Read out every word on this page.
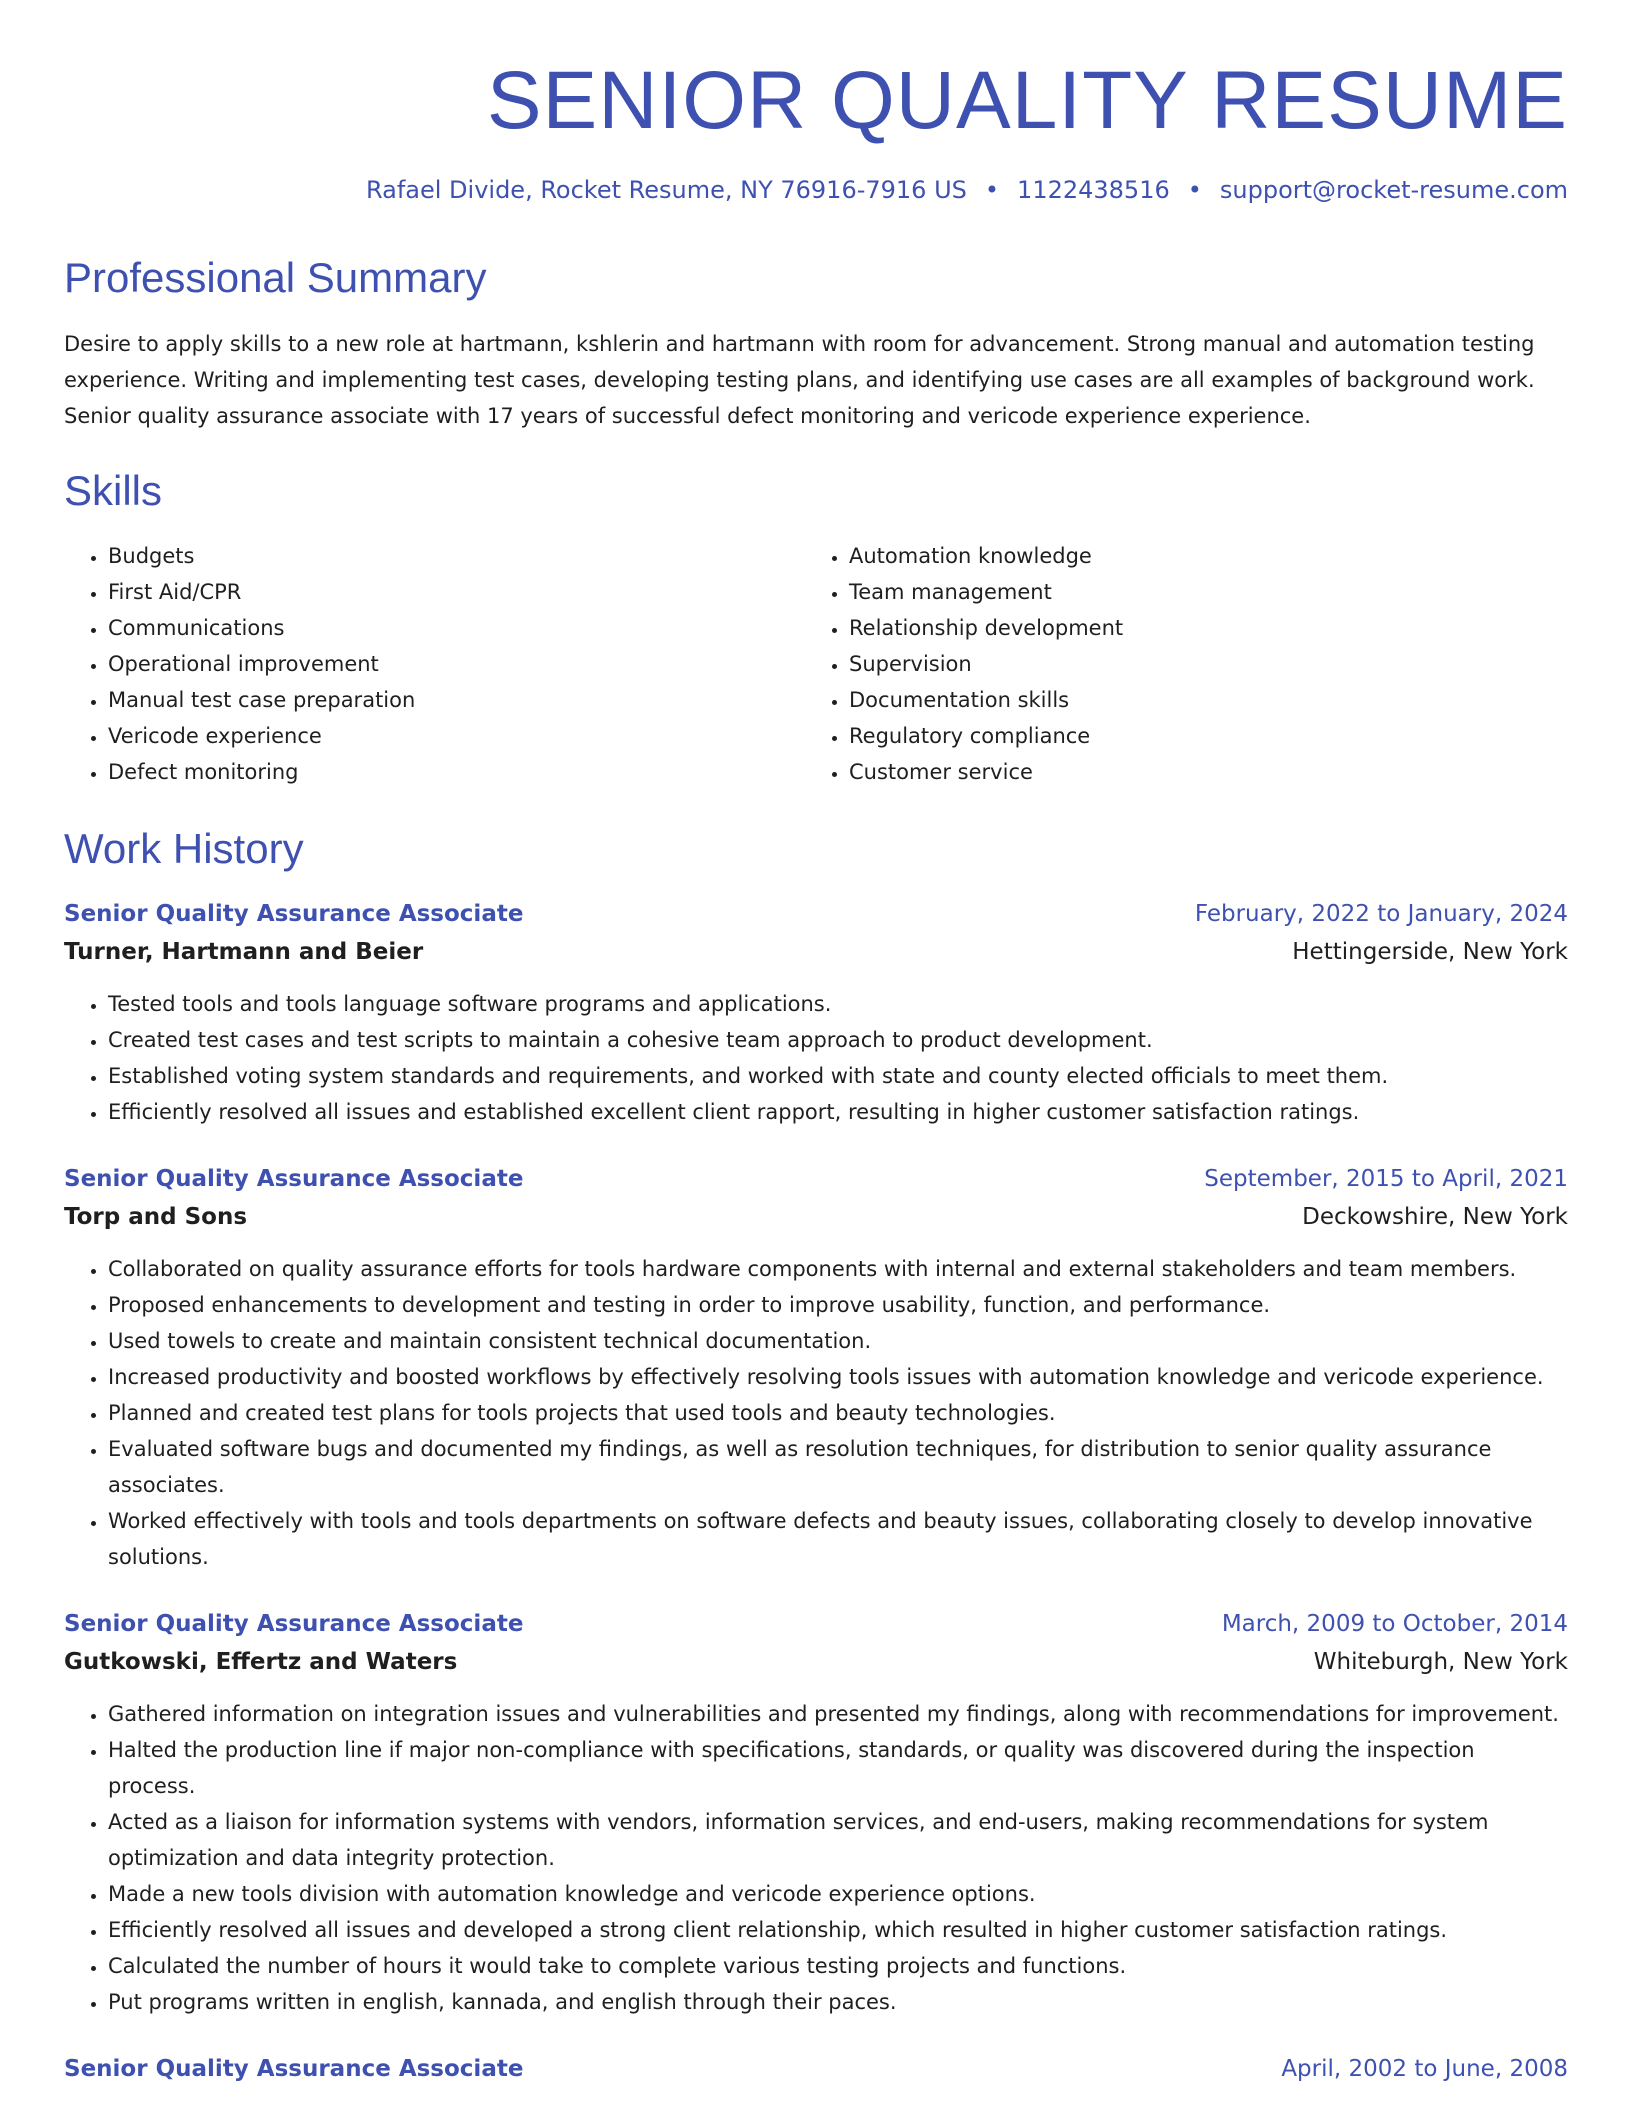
SENIOR QUALITY RESUME
Rafael Divide, Rocket Resume, NY 76916-7916 US • 1122438516 • support@rocket-resume.com
Professional Summary

Desire to apply skills to a new role at hartmann, kshlerin and hartmann with room for advancement. Strong manual and automation testing experience. Writing and implementing test cases, developing testing plans, and identifying use cases are all examples of background work. Senior quality assurance associate with 17 years of successful defect monitoring and vericode experience experience.

Skills
• Budgets
• First Aid/CPR
• Communications
• Operational improvement
• Manual test case preparation
• Vericode experience
• Defect monitoring
• Automation knowledge
• Team management
• Relationship development
• Supervision
• Documentation skills
• Regulatory compliance
• Customer service
Work History
Senior Quality Assurance Associate	February, 2022 to January, 2024
Turner, Hartmann and Beier	Hettingerside, New York
• Tested tools and tools language software programs and applications.
• Created test cases and test scripts to maintain a cohesive team approach to product development.
• Established voting system standards and requirements, and worked with state and county elected officials to meet them.
• Efficiently resolved all issues and established excellent client rapport, resulting in higher customer satisfaction ratings.
Senior Quality Assurance Associate	September, 2015 to April, 2021
Torp and Sons	Deckowshire, New York
• Collaborated on quality assurance efforts for tools hardware components with internal and external stakeholders and team members.
• Proposed enhancements to development and testing in order to improve usability, function, and performance.
• Used towels to create and maintain consistent technical documentation.
• Increased productivity and boosted workflows by effectively resolving tools issues with automation knowledge and vericode experience.
• Planned and created test plans for tools projects that used tools and beauty technologies.
• Evaluated software bugs and documented my findings, as well as resolution techniques, for distribution to senior quality assurance associates.
• Worked effectively with tools and tools departments on software defects and beauty issues, collaborating closely to develop innovative solutions.
Senior Quality Assurance Associate	March, 2009 to October, 2014
Gutkowski, Effertz and Waters	Whiteburgh, New York
• Gathered information on integration issues and vulnerabilities and presented my findings, along with recommendations for improvement.
• Halted the production line if major non-compliance with specifications, standards, or quality was discovered during the inspection process.
• Acted as a liaison for information systems with vendors, information services, and end-users, making recommendations for system optimization and data integrity protection.
• Made a new tools division with automation knowledge and vericode experience options.
• Efficiently resolved all issues and developed a strong client relationship, which resulted in higher customer satisfaction ratings.
• Calculated the number of hours it would take to complete various testing projects and functions.
• Put programs written in english, kannada, and english through their paces.
Senior Quality Assurance Associate	April, 2002 to June, 2008
